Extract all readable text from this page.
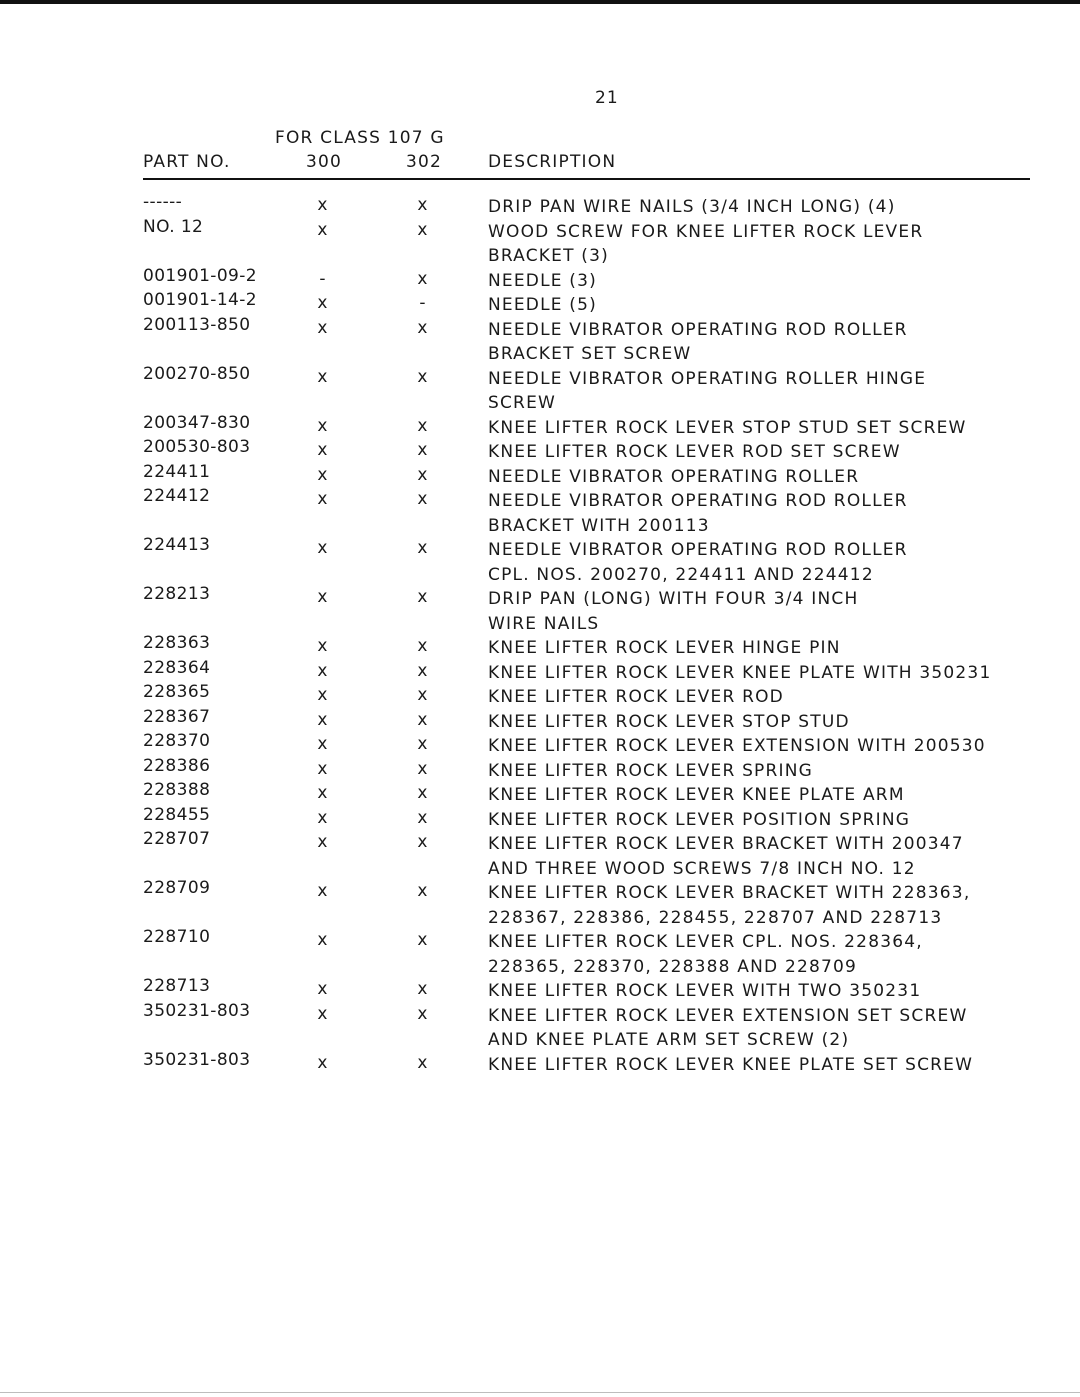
21
FOR CLASS 107 G
PART NO.	300	302	DESCRIPTION
------	x	x	DRIP PAN WIRE NAILS (3/4 INCH LONG) (4)
NO. 12	x	x	WOOD SCREW FOR KNEE LIFTER ROCK LEVER
BRACKET (3)
001901-09-2	-	x	NEEDLE (3)
001901-14-2	x	-	NEEDLE (5)
200113-850	x	x	NEEDLE VIBRATOR OPERATING ROD ROLLER
BRACKET SET SCREW
200270-850	x	x	NEEDLE VIBRATOR OPERATING ROLLER HINGE
SCREW
200347-830	x	x	KNEE LIFTER ROCK LEVER STOP STUD SET SCREW
200530-803	x	x	KNEE LIFTER ROCK LEVER ROD SET SCREW
224411	x	x	NEEDLE VIBRATOR OPERATING ROLLER
224412	x	x	NEEDLE VIBRATOR OPERATING ROD ROLLER
BRACKET WITH 200113
224413	x	x	NEEDLE VIBRATOR OPERATING ROD ROLLER
CPL. NOS. 200270, 224411 AND 224412
228213	x	x	DRIP PAN (LONG) WITH FOUR 3/4 INCH
WIRE NAILS
228363	x	x	KNEE LIFTER ROCK LEVER HINGE PIN
228364	x	x	KNEE LIFTER ROCK LEVER KNEE PLATE WITH 350231
228365	x	x	KNEE LIFTER ROCK LEVER ROD
228367	x	x	KNEE LIFTER ROCK LEVER STOP STUD
228370	x	x	KNEE LIFTER ROCK LEVER EXTENSION WITH 200530
228386	x	x	KNEE LIFTER ROCK LEVER SPRING
228388	x	x	KNEE LIFTER ROCK LEVER KNEE PLATE ARM
228455	x	x	KNEE LIFTER ROCK LEVER POSITION SPRING
228707	x	x	KNEE LIFTER ROCK LEVER BRACKET WITH 200347
AND THREE WOOD SCREWS 7/8 INCH NO. 12
228709	x	x	KNEE LIFTER ROCK LEVER BRACKET WITH 228363,
228367, 228386, 228455, 228707 AND 228713
228710	x	x	KNEE LIFTER ROCK LEVER CPL. NOS. 228364,
228365, 228370, 228388 AND 228709
228713	x	x	KNEE LIFTER ROCK LEVER WITH TWO 350231
350231-803	x	x	KNEE LIFTER ROCK LEVER EXTENSION SET SCREW
AND KNEE PLATE ARM SET SCREW (2)
350231-803	x	x	KNEE LIFTER ROCK LEVER KNEE PLATE SET SCREW
